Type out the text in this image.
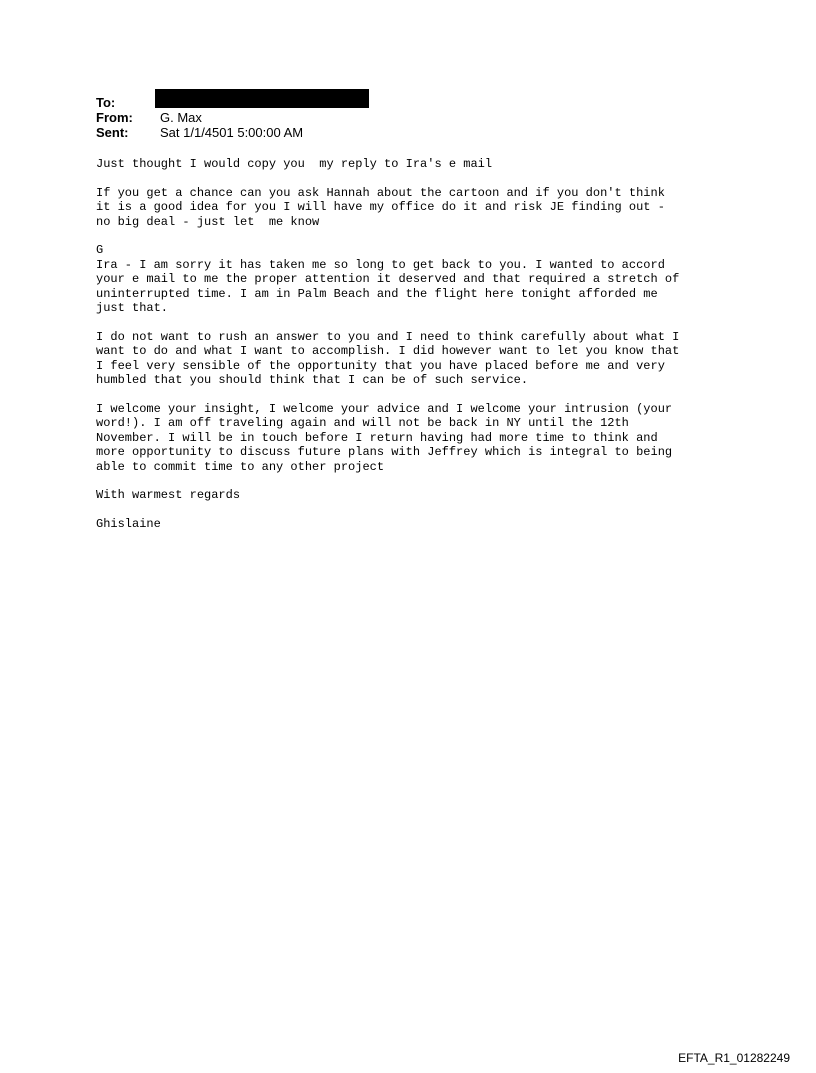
To:
From:	G. Max
Sent:	Sat 1/1/4501 5:00:00 AM
Just thought I would copy you  my reply to Ira's e mail

If you get a chance can you ask Hannah about the cartoon and if you don't think
it is a good idea for you I will have my office do it and risk JE finding out -
no big deal - just let  me know

G
Ira - I am sorry it has taken me so long to get back to you. I wanted to accord
your e mail to me the proper attention it deserved and that required a stretch of
uninterrupted time. I am in Palm Beach and the flight here tonight afforded me
just that.

I do not want to rush an answer to you and I need to think carefully about what I
want to do and what I want to accomplish. I did however want to let you know that
I feel very sensible of the opportunity that you have placed before me and very
humbled that you should think that I can be of such service.

I welcome your insight, I welcome your advice and I welcome your intrusion (your
word!). I am off traveling again and will not be back in NY until the 12th
November. I will be in touch before I return having had more time to think and
more opportunity to discuss future plans with Jeffrey which is integral to being
able to commit time to any other project

With warmest regards

Ghislaine
EFTA_R1_01282249
